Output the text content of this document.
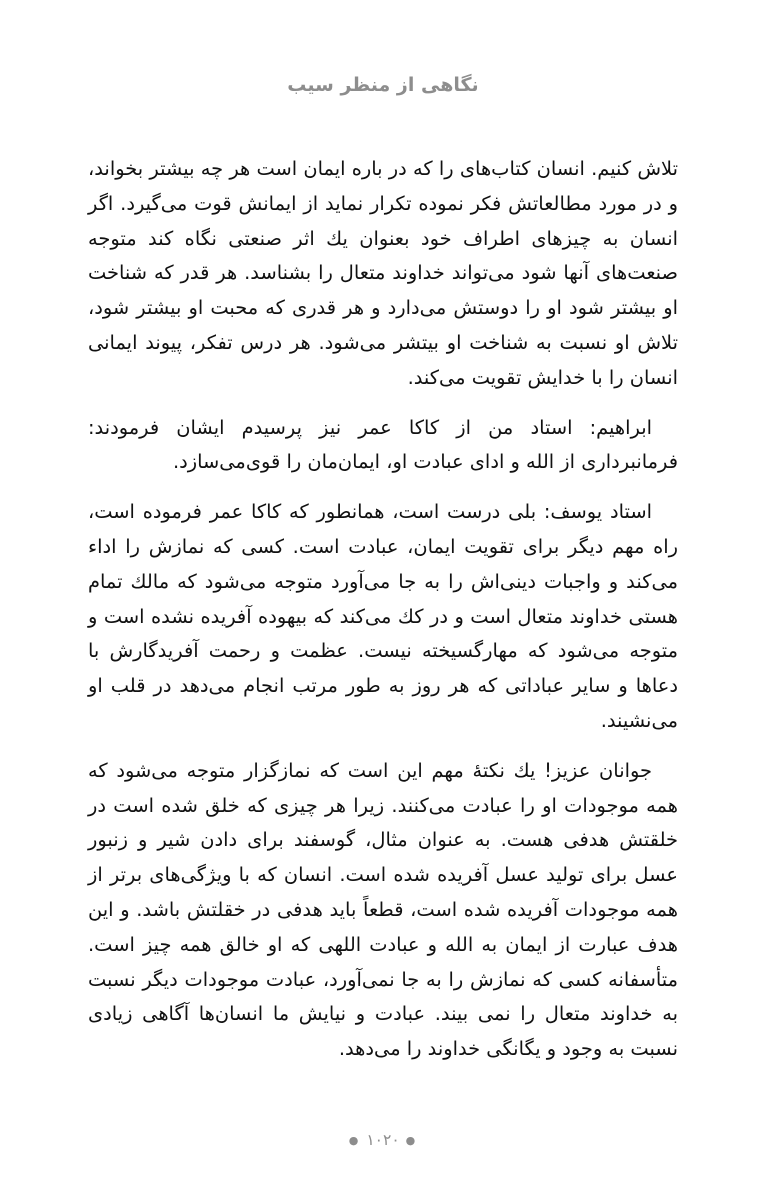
نگاهی از منظر سیب

تلاش کنیم. انسان کتاب‌های را که در باره ایمان است هر چه بیشتر بخواند، و در مورد مطالعاتش فکر نموده تکرار نماید از ایمانش قوت می‌گیرد. اگر انسان به چیزهای اطراف خود بعنوان یك اثر صنعتی نگاه كند متوجه صنعت‌های آنها شود می‌تواند خداوند متعال را بشناسد. هر قدر که شناخت او بیشتر شود او را دوستش می‌دارد و هر قدری که محبت او بیشتر شود، تلاش او نسبت به شناخت او بیتشر می‌شود. هر درس تفکر، پیوند ایمانی انسان را با خدایش تقویت می‌کند.

ابراهیم: استاد من از کاکا عمر نیز پرسیدم ایشان فرمودند: فرمانبرداری از الله و ادای عبادت او، ایمان‌مان را قوی‌می‌سازد.

استاد یوسف: بلی درست است، همانطور که کاکا عمر فرموده است، راه مهم دیگر برای تقویت ایمان، عبادت است. کسی که نمازش را اداء می‌کند و واجبات دینی‌اش را به جا می‌آورد متوجه می‌شود که مالك تمام هستی خداوند متعال است و در كك می‌کند که بیهوده آفریده نشده است و متوجه می‌شود که مهارگسیخته نیست. عظمت و رحمت آفریدگارش با دعاها و سایر عباداتی که هر روز به طور مرتب انجام می‌دهد در قلب او می‌نشیند.

جوانان عزیز! یك نکتهٔ مهم این است که نمازگزار متوجه می‌شود که همه موجودات او را عبادت می‌کنند. زیرا هر چیزی که خلق شده است در خلقتش هدفی هست. به عنوان مثال، گوسفند برای دادن شیر و زنبور عسل برای تولید عسل آفریده شده است. انسان که با ویژگی‌های برتر از همه موجودات آفریده شده است، قطعاً باید هدفی در خقلتش باشد. و این هدف عبارت از ایمان به الله و عبادت اللهی که او خالق همه چیز است. متأسفانه کسی که نمازش را به جا نمی‌آورد، عبادت موجودات دیگر نسبت به خداوند متعال را نمی بیند. عبادت و نیایش ما انسان‌ها آگاهی زیادی نسبت به وجود و یگانگی خداوند را می‌دهد.

●۱۰۲۰●
